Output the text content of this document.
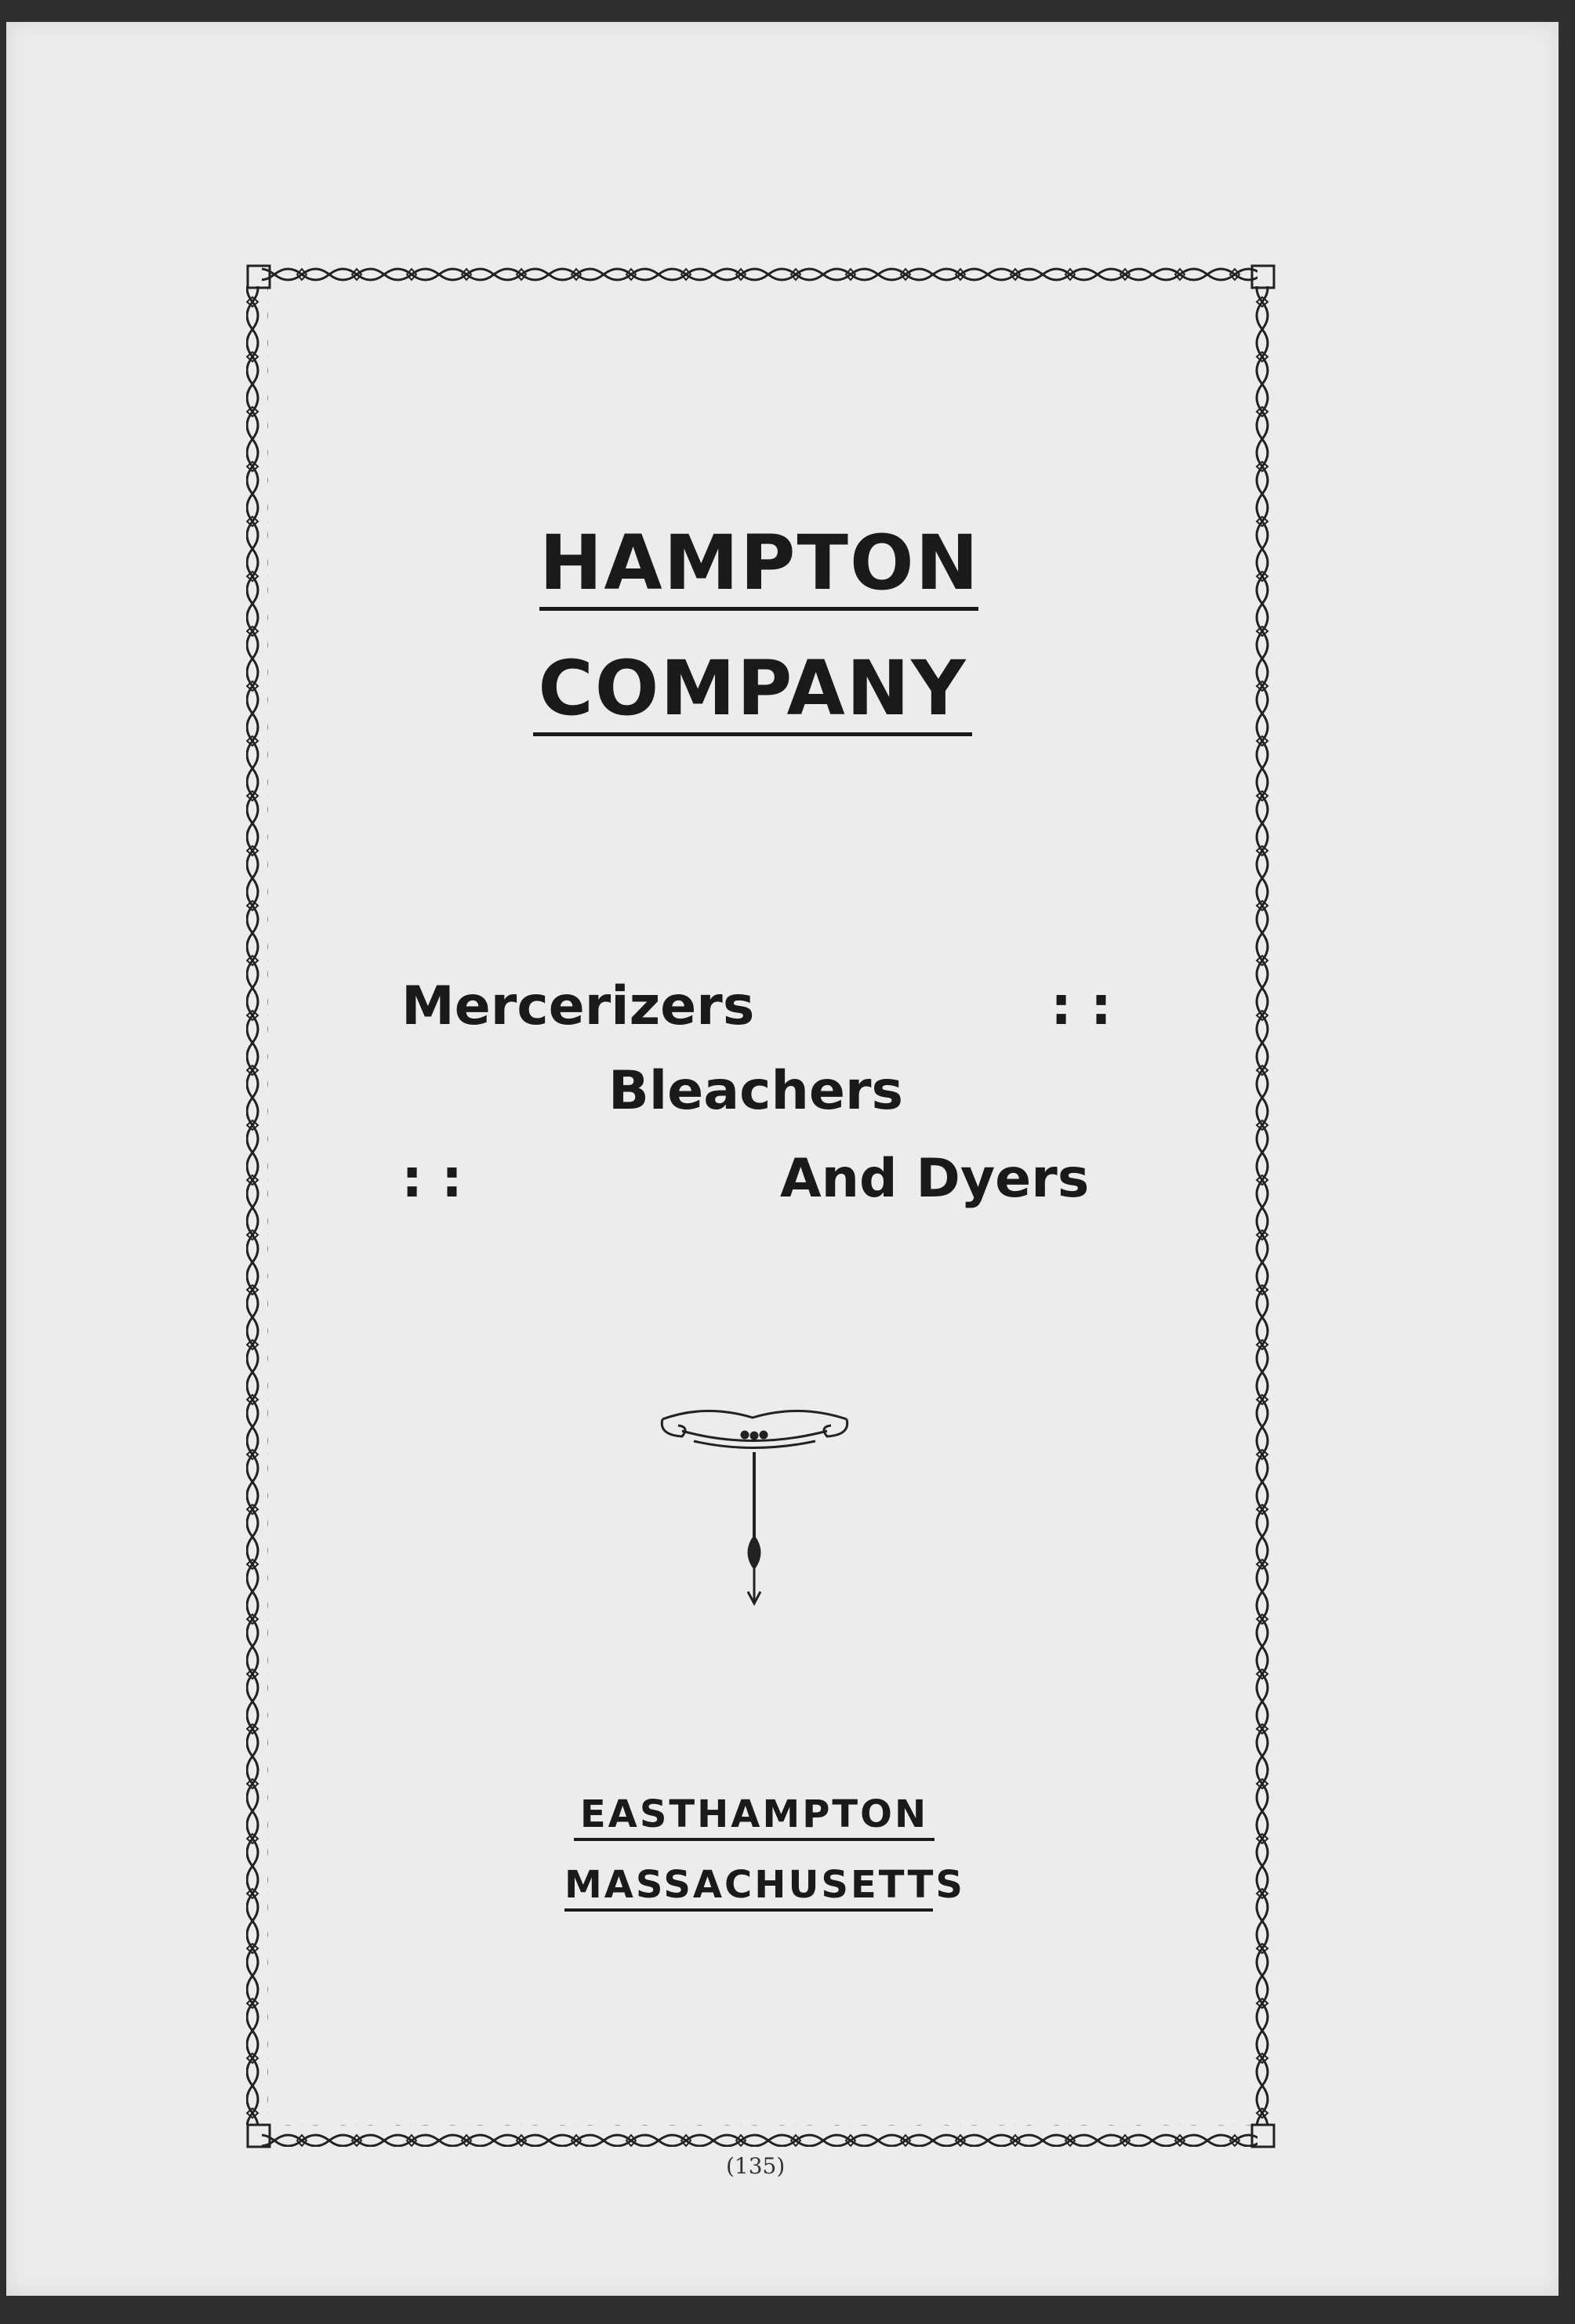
HAMPTON
COMPANY
Mercerizers	: :
Bleachers
: :	And Dyers
EASTHAMPTON
MASSACHUSETTS
(135)
